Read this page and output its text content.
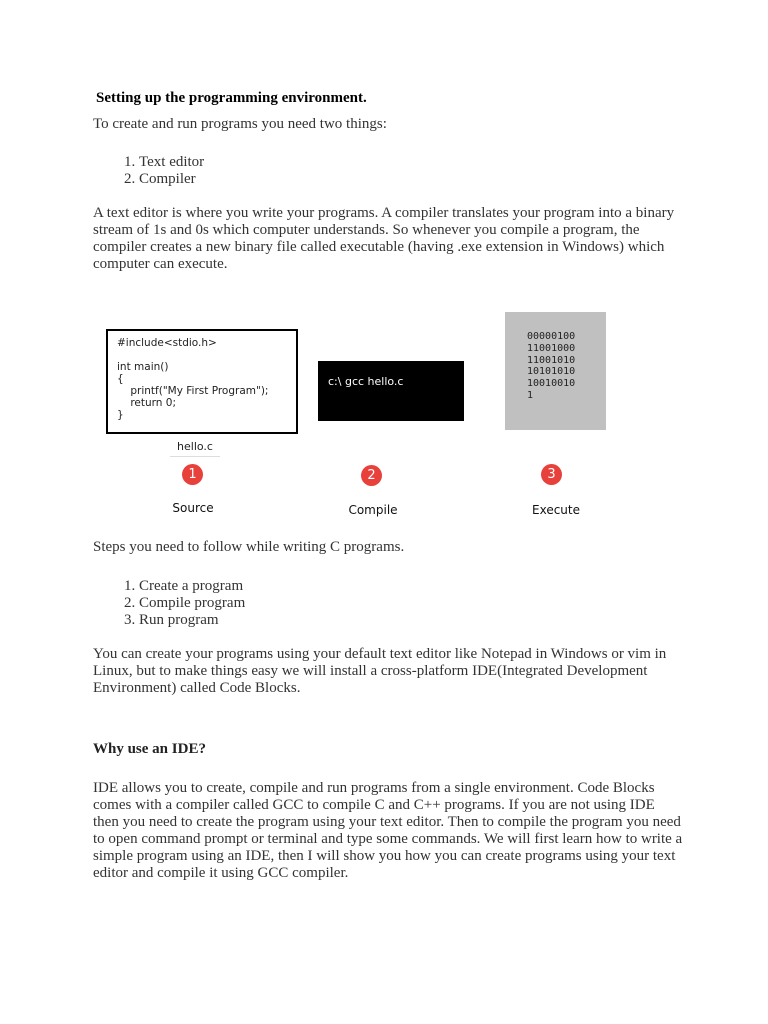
Setting up the programming environment.

To create and run programs you need two things:

1. Text editor
2. Compiler

A text editor is where you write your programs. A compiler translates your program into a binary stream of 1s and 0s which computer understands. So whenever you compile a program, the compiler creates a new binary file called executable (having .exe extension in Windows) which computer can execute.

#include<stdio.h>

int main()
{
printf("My First Program");
return 0;
}
hello.c
c:\ gcc hello.c
00000100
11001000
11001010
10101010
10010010
1
1	2	3
Source	Compile	Execute

Steps you need to follow while writing C programs.

1. Create a program
2. Compile program
3. Run program

You can create your programs using your default text editor like Notepad in Windows or vim in Linux, but to make things easy we will install a cross-platform IDE(Integrated Development Environment) called Code Blocks.

Why use an IDE?

IDE allows you to create, compile and run programs from a single environment. Code Blocks comes with a compiler called GCC to compile C and C++ programs. If you are not using IDE then you need to create the program using your text editor. Then to compile the program you need to open command prompt or terminal and type some commands. We will first learn how to write a simple program using an IDE, then I will show you how you can create programs using your text editor and compile it using GCC compiler.
